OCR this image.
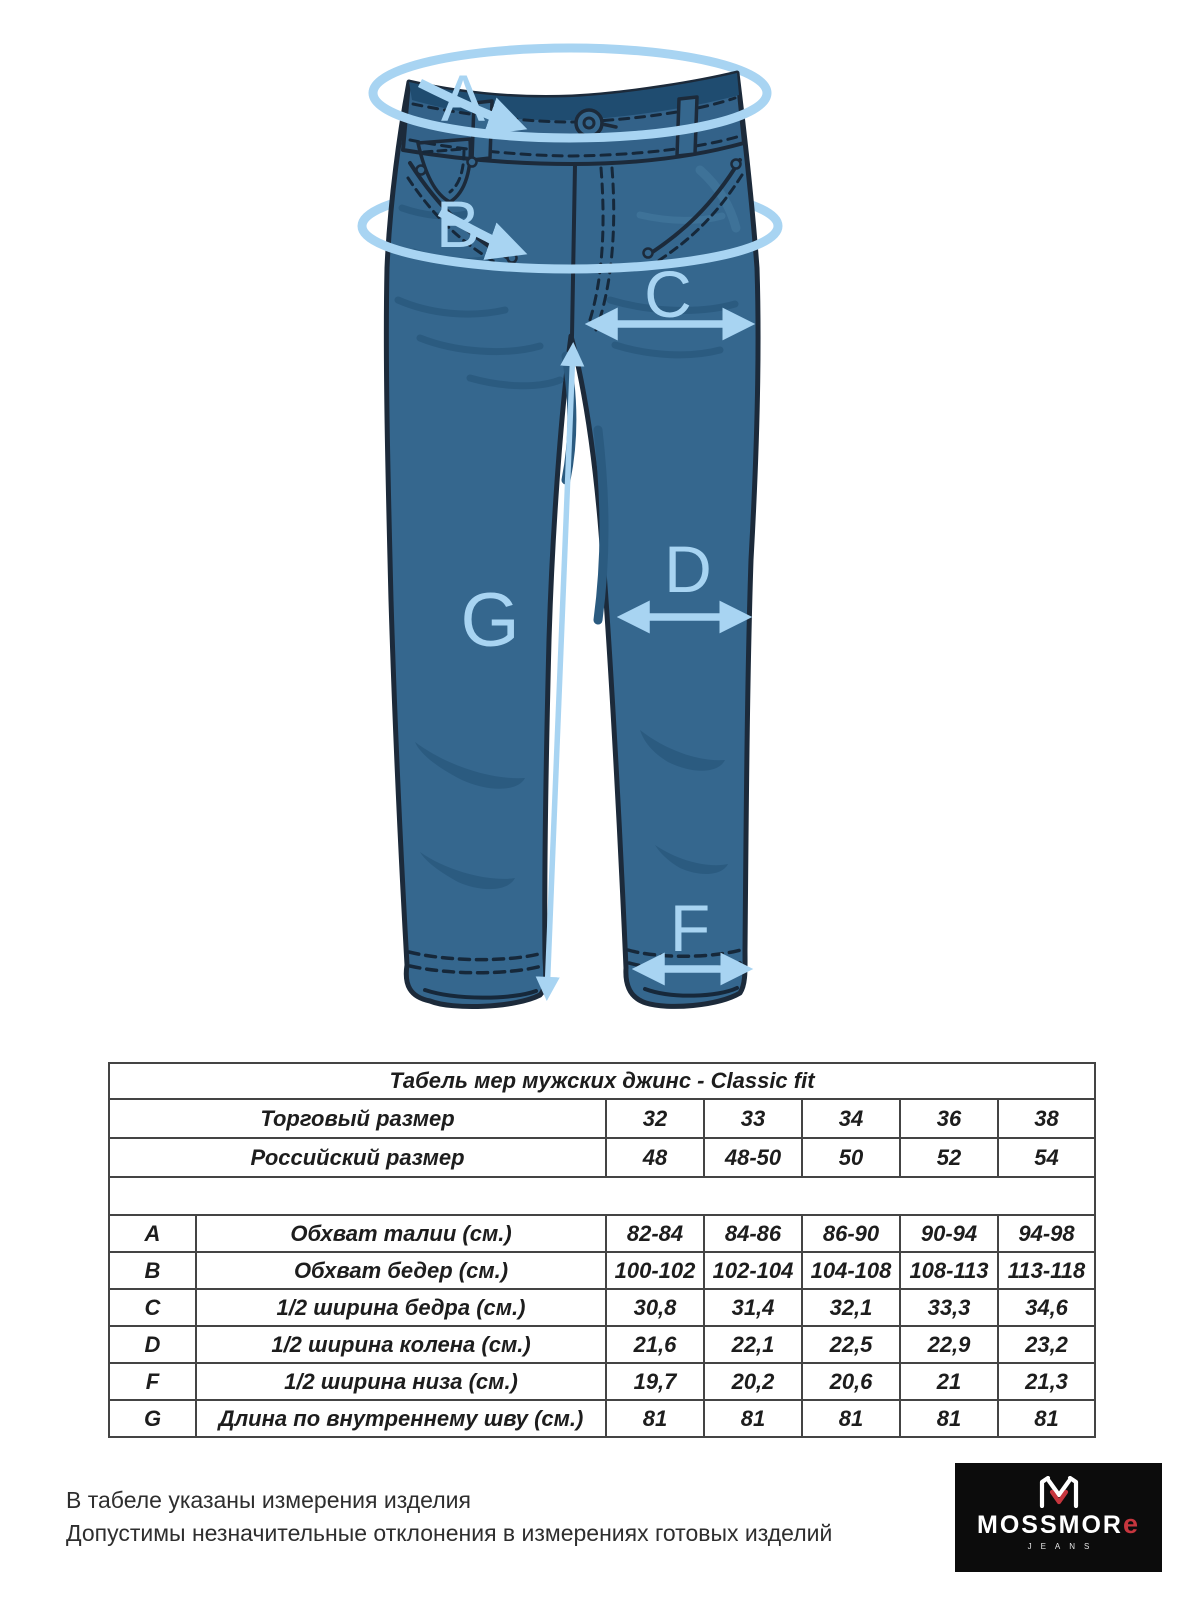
A
B
C
D
F
G
Табель мер мужских джинс - Classic fit						
Торговый размер		32	33	34	36	38
Российский размер		48	48-50	50	52	54

A	Обхват талии (см.)	82-84	84-86	86-90	90-94	94-98
B	Обхват бедер (см.)	100-102	102-104	104-108	108-113	113-118
C	1/2 ширина бедра (см.)	30,8	31,4	32,1	33,3	34,6
D	1/2 ширина колена (см.)	21,6	22,1	22,5	22,9	23,2
F	1/2 ширина низа (см.)	19,7	20,2	20,6	21	21,3
G	Длина по внутреннему шву (см.)	81	81	81	81	81
В табеле указаны измерения изделия
Допустимы незначительные отклонения в измерениях готовых изделий	MOSSMORe
JEANS
